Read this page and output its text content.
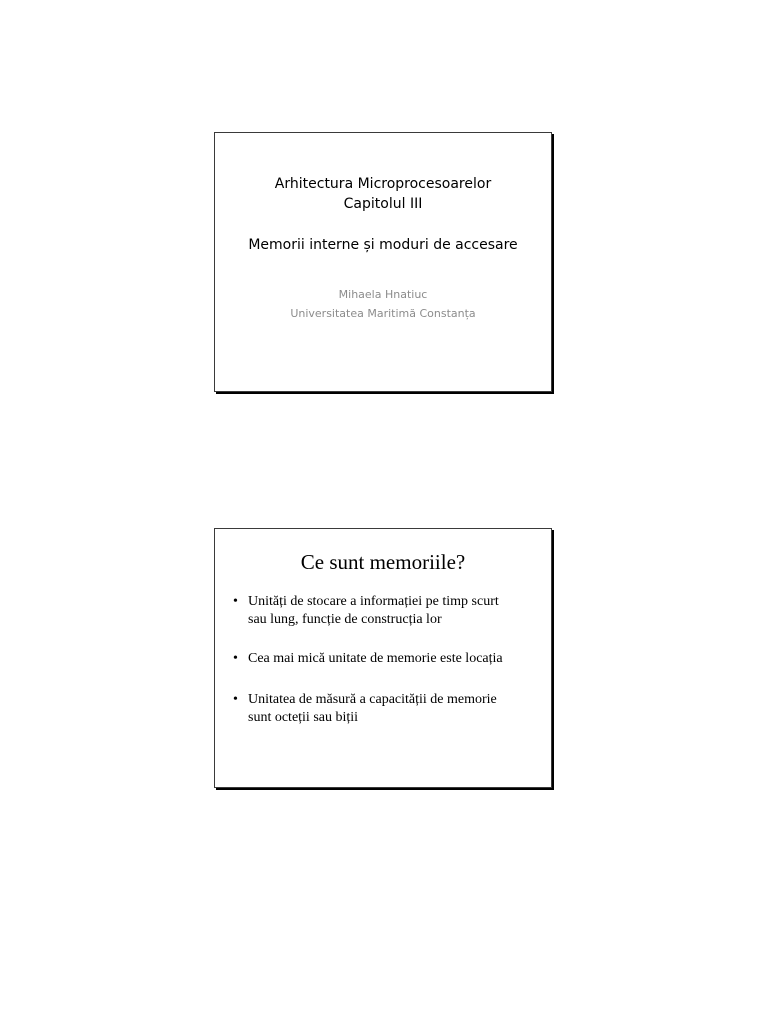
Arhitectura Microprocesoarelor
Capitolul III
Memorii interne și moduri de accesare
Mihaela Hnatiuc
Universitatea Maritimă Constanța
Ce sunt memoriile?
• Unități de stocare a informației pe timp scurt
sau lung, funcție de construcția lor
• Cea mai mică unitate de memorie este locația
• Unitatea de măsură a capacității de memorie
sunt octeții sau biții
